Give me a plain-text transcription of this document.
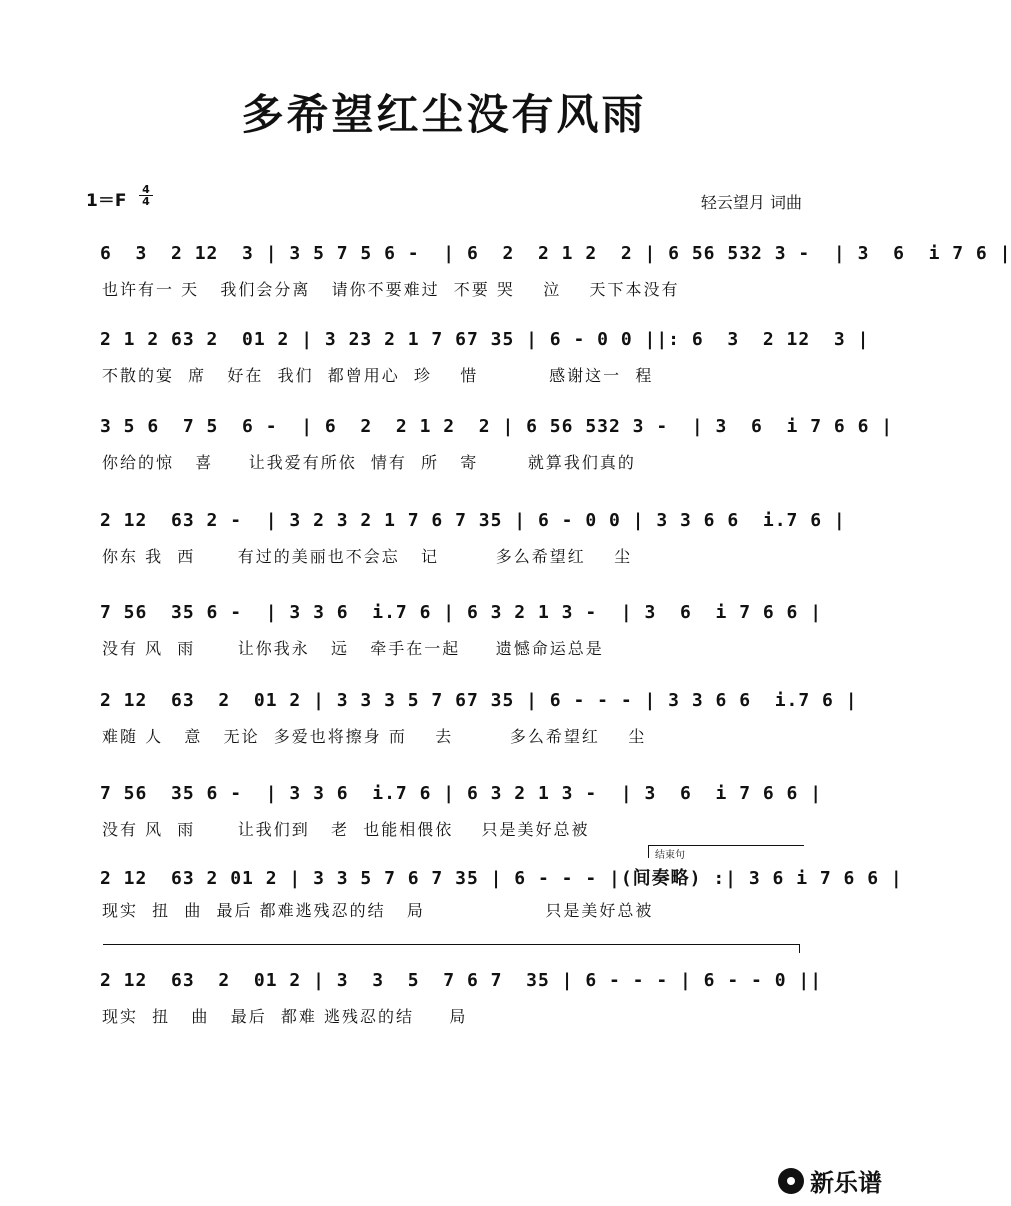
多希望红尘没有风雨
1＝F
4
4	轻云望月 词曲
6  3  2 12  3 | 3 5 7 5 6 -  | 6  2  2 1 2  2 | 6 56 532 3 -  | 3  6  i 7 6 |
也许有一 天   我们会分离   请你不要难过  不要 哭    泣    天下本没有
2 1 2 63 2  01 2 | 3 23 2 1 7 67 35 | 6 - 0 0 ||: 6  3  2 12  3 |
不散的宴  席   好在  我们  都曾用心  珍    惜          感谢这一  程
3 5 6  7 5  6 -  | 6  2  2 1 2  2 | 6 56 532 3 -  | 3  6  i 7 6 6 |
你给的惊   喜     让我爱有所依  情有  所   寄       就算我们真的
2 12  63 2 -  | 3 2 3 2 1 7 6 7 35 | 6 - 0 0 | 3 3 6 6  i.7 6 |
你东 我  西      有过的美丽也不会忘   记        多么希望红    尘
7 56  35 6 -  | 3 3 6  i.7 6 | 6 3 2 1 3 -  | 3  6  i 7 6 6 |
没有 风  雨      让你我永   远   牵手在一起     遗憾命运总是
2 12  63  2  01 2 | 3 3 3 5 7 67 35 | 6 - - - | 3 3 6 6  i.7 6 |
难随 人   意   无论  多爱也将擦身 而    去        多么希望红    尘
7 56  35 6 -  | 3 3 6  i.7 6 | 6 3 2 1 3 -  | 3  6  i 7 6 6 |
没有 风  雨      让我们到   老  也能相偎依    只是美好总被
结束句
2 12  63 2 01 2 | 3 3 5 7 6 7 35 | 6 - - - |(间奏略) :| 3 6 i 7 6 6 |
现实  扭  曲  最后 都难逃残忍的结   局                 只是美好总被
2 12  63  2  01 2 | 3  3  5  7 6 7  35 | 6 - - - | 6 - - 0 ||
现实  扭   曲   最后  都难 逃残忍的结     局
新乐谱
